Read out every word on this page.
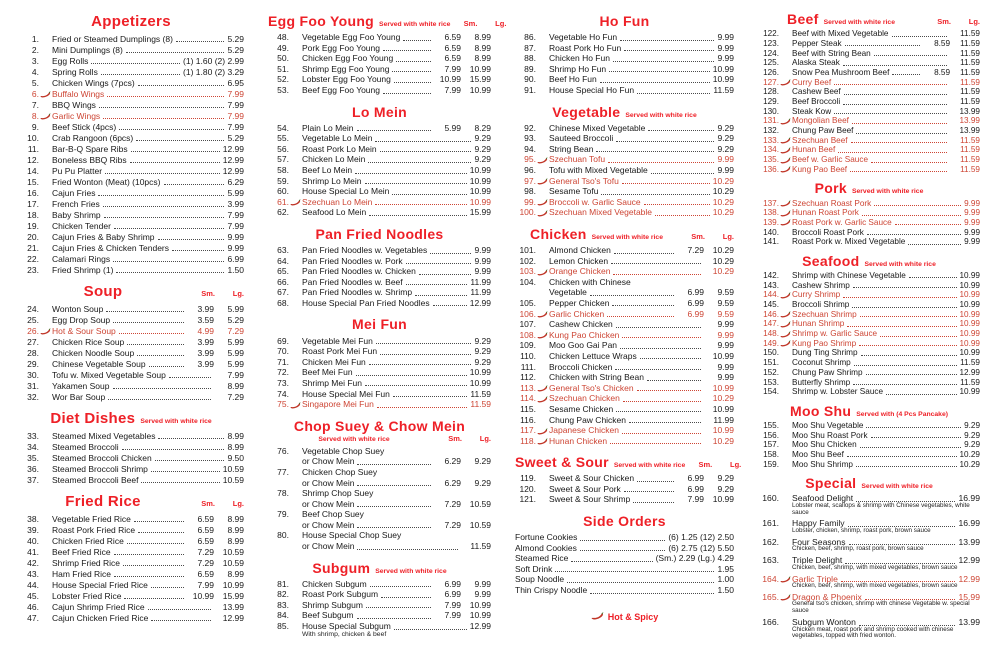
Appetizers
1. Fried or Steamed Dumplings (8)	5.29
2. Mini Dumplings (8)	5.29
3. Egg Rolls	(1) 1.60 (2) 2.99
4. Spring Rolls	(1) 1.80 (2) 3.29
5. Chicken Wings (7pcs)	6.95
6. Buffalo Wings	7.99
7. BBQ Wings	7.99
8. Garlic Wings	7.99
9. Beef Stick (4pcs)	7.99
10. Crab Rangoon (6pcs)	5.29
11. Bar-B-Q Spare Ribs	12.99
12. Boneless BBQ Ribs	12.99
14. Pu Pu Platter	12.99
15. Fried Wonton (Meat) (10pcs)	6.29
16. Cajun Fries	5.99
17. French Fries	3.99
18. Baby Shrimp	7.99
19. Chicken Tender	7.99
20. Cajun Fries & Baby Shrimp	9.99
21. Cajun Fries & Chicken Tenders	9.99
22. Calamari Rings	6.99
23. Fried Shrimp (1)	1.50
Soup	Sm.	Lg.
24. Wonton Soup	3.99	5.99
25. Egg Drop Soup	3.59	5.29
26. Hot & Sour Soup	4.99	7.29
27. Chicken Rice Soup	3.99	5.99
28. Chicken Noodle Soup	3.99	5.99
29. Chinese Vegetable Soup	3.99	5.99
30. Tofu w. Mixed Vegetable Soup	7.99
31. Yakamen Soup	8.99
32. Wor Bar Soup	7.29
Diet Dishes Served with white rice
33. Steamed Mixed Vegetables	8.99
34. Steamed Broccoli	8.99
35. Steamed Broccoli Chicken	9.50
36. Steamed Broccoli Shrimp	10.59
37. Steamed Broccoli Beef	10.59
Fried Rice	Sm.	Lg.
38. Vegetable Fried Rice	6.59	8.99
39. Roast Pork Fried Rice	6.59	8.99
40. Chicken Fried Rice	6.59	8.99
41. Beef Fried Rice	7.29	10.59
42. Shrimp Fried Rice	7.29	10.59
43. Ham Fried Rice	6.59	8.99
44. House Special Fried Rice	7.99	10.99
45. Lobster Fried Rice	10.99	15.99
46. Cajun Shrimp Fried Rice	13.99
47. Cajun Chicken Fried Rice	12.99
Egg Foo Young Served with white rice	Sm.	Lg.
48. Vegetable Egg Foo Young	6.59	8.99
49. Pork Egg Foo Young	6.59	8.99
50. Chicken Egg Foo Young	6.59	8.99
51. Shrimp Egg Foo Young	7.99	10.99
52. Lobster Egg Foo Young	10.99	15.99
53. Beef Egg Foo Young	7.99	10.99
Lo Mein
54. Plain Lo Mein	5.99	8.29
55. Vegetable Lo Mein	9.29
56. Roast Pork Lo Mein	9.29
57. Chicken Lo Mein	9.29
58. Beef Lo Mein	10.99
59. Shrimp Lo Mein	10.99
60. House Special Lo Mein	10.99
61. Szechuan Lo Mein	10.99
62. Seafood Lo Mein	15.99
Pan Fried Noodles
63. Pan Fried Noodles w. Vegetables	9.99
64. Pan Fried Noodles w. Pork	9.99
65. Pan Fried Noodles w. Chicken	9.99
66. Pan Fried Noodles w. Beef	11.99
67. Pan Fried Noodles w. Shrimp	11.99
68. House Special Pan Fried Noodles	12.99
Mei Fun
69. Vegetable Mei Fun	9.29
70. Roast Pork Mei Fun	9.29
71. Chicken Mei Fun	9.29
72. Beef Mei Fun	10.99
73. Shrimp Mei Fun	10.99
74. House Special Mei Fun	11.59
75. Singapore Mei Fun	11.59
Chop Suey & Chow Mein
Served with white rice	Sm.	Lg.
76. Vegetable Chop Suey
or Chow Mein	6.29	9.29
77. Chicken Chop Suey
or Chow Mein	6.29	9.29
78. Shrimp Chop Suey
or Chow Mein	7.29	10.59
79. Beef Chop Suey
or Chow Mein	7.29	10.59
80. House Special Chop Suey
or Chow Mein	11.59
Subgum Served with white rice
81. Chicken Subgum	6.99	9.99
82. Roast Pork Subgum	6.99	9.99
83. Shrimp Subgum	7.99	10.99
84. Beef Subgum	7.99	10.99
85. House Special Subgum	12.99
With shrimp, chicken & beef
Ho Fun
86. Vegetable Ho Fun	9.99
87. Roast Pork Ho Fun	9.99
88. Chicken Ho Fun	9.99
89. Shrimp Ho Fun	10.99
90. Beef Ho Fun	10.99
91. House Special Ho Fun	11.59
Vegetable Served with white rice
92. Chinese Mixed Vegetable	9.29
93. Sauteed Broccoli	9.29
94. String Bean	9.29
95. Szechuan Tofu	9.99
96. Tofu with Mixed Vegetable	9.99
97. General Tso's Tofu	10.29
98. Sesame Tofu	10.29
99. Broccoli w. Garlic Sauce	10.29
100. Szechuan Mixed Vegetable	10.29
Chicken Served with white rice	Sm.	Lg.
101. Almond Chicken	7.29	10.29
102. Lemon Chicken	10.29
103. Orange Chicken	10.29
104. Chicken with Chinese
Vegetable	6.99	9.59
105. Pepper Chicken	6.99	9.59
106. Garlic Chicken	6.99	9.59
107. Cashew Chicken	9.99
108. Kung Pao Chicken	9.99
109. Moo Goo Gai Pan	9.99
110. Chicken Lettuce Wraps	10.99
111. Broccoli Chicken	9.99
112. Chicken with String Bean	9.99
113. General Tso's Chicken	10.99
114. Szechuan Chicken	10.29
115. Sesame Chicken	10.99
116. Chung Paw Chicken	11.99
117. Japanese Chicken	10.99
118. Hunan Chicken	10.29
Sweet & Sour Served with white rice	Sm.	Lg.
119. Sweet & Sour Chicken	6.99	9.29
120. Sweet & Sour Pork	6.99	9.29
121. Sweet & Sour Shrimp	7.99	10.99
Side Orders
Fortune Cookies	(6) 1.25 (12) 2.50
Almond Cookies	(6) 2.75 (12) 5.50
Steamed Rice	(Sm.) 2.29 (Lg.) 4.29
Soft Drink	1.95
Soup Noodle	1.00
Thin Crispy Noodle	1.50
Hot & Spicy
Beef Served with white rice	Sm.	Lg.
122. Beef with Mixed Vegetable	11.59
123. Pepper Steak	8.59	11.59
124. Beef with String Bean	11.59
125. Alaska Steak	11.59
126. Snow Pea Mushroom Beef	8.59	11.59
127. Curry Beef	11.59
128. Cashew Beef	11.59
129. Beef Broccoli	11.59
130. Steak Kow	13.99
131. Mongolian Beef	13.99
132. Chung Paw Beef	13.99
133. Szechuan Beef	11.59
134. Hunan Beef	11.59
135. Beef w. Garlic Sauce	11.59
136. Kung Pao Beef	11.59
Pork Served with white rice
137. Szechuan Roast Pork	9.99
138. Hunan Roast Pork	9.99
139. Roast Pork w. Garlic Sauce	9.99
140. Broccoli Roast Pork	9.99
141. Roast Pork w. Mixed Vegetable	9.99
Seafood Served with white rice
142. Shrimp with Chinese Vegetable	10.99
143. Cashew Shrimp	10.99
144. Curry Shrimp	10.99
145. Broccoli Shrimp	10.99
146. Szechuan Shrimp	10.99
147. Hunan Shrimp	10.99
148. Shrimp w. Garlic Sauce	10.99
149. Kung Pao Shrimp	10.99
150. Dung Ting Shrimp	10.99
151. Coconut Shrimp	11.59
152. Chung Paw Shrimp	12.99
153. Butterfly Shrimp	11.59
154. Shrimp w. Lobster Sauce	10.99
Moo Shu Served with (4 Pcs Pancake)
155. Moo Shu Vegetable	9.29
156. Moo Shu Roast Pork	9.29
157. Moo Shu Chicken	9.29
158. Moo Shu Beef	10.29
159. Moo Shu Shrimp	10.29
Special Served with white rice
160. Seafood Delight	16.99
Lobster meat, scallops & shrimp with Chinese vegetables, white sauce
161. Happy Family	16.99
Lobster, chicken, shrimp, roast pork, brown sauce
162. Four Seasons	13.99
Chicken, beef, shrimp, roast pork, brown sauce
163. Triple Delight	12.99
Chicken, beef, shrimp, with mixed vegetables, brown sauce
164. Garlic Triple	12.99
Chicken, beef, shrimp, with mixed vegetables, brown sauce
165. Dragon & Phoenix	15.99
General tso's chicken, shrimp with chinese Vegetable w. special sauce
166. Subgum Wonton	13.99
Chicken meat, roast pork and shrimp cooked with chinese vegetables, topped with fried wonton.
